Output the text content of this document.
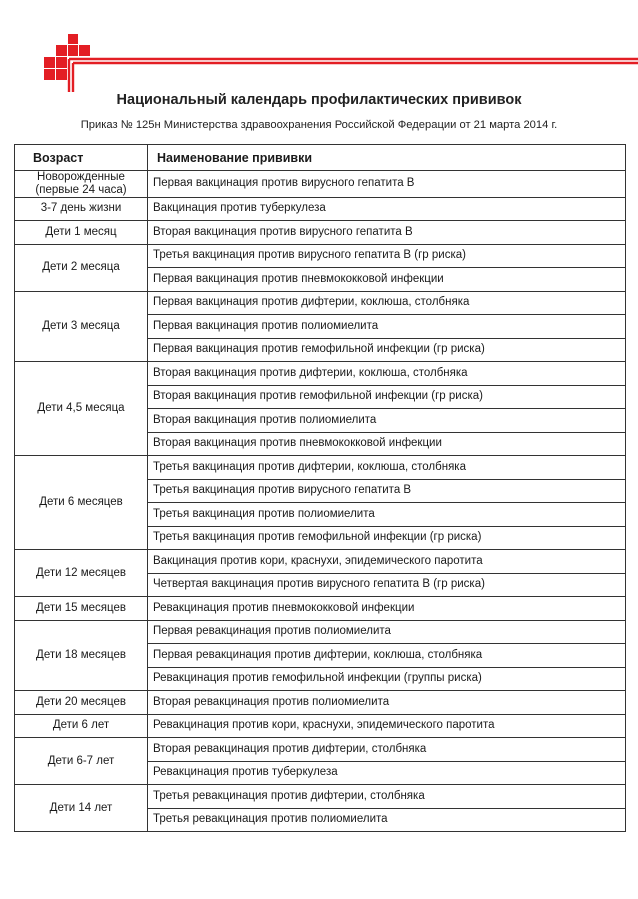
Национальный календарь профилактических прививок
Приказ № 125н Министерства здравоохранения Российской Федерации от 21 марта 2014 г.
Возраст	Наименование прививки
Новорожденные (первые 24 часа)	Первая вакцинация против вирусного гепатита В
3-7 день жизни	Вакцинация против туберкулеза
Дети 1 месяц	Вторая вакцинация против вирусного гепатита В
Дети 2 месяца	Третья вакцинация против вирусного гепатита В (гр риска)
	Первая вакцинация против пневмококковой инфекции
Дети 3 месяца	Первая вакцинация против дифтерии, коклюша, столбняка
	Первая вакцинация против полиомиелита
	Первая вакцинация против гемофильной инфекции (гр риска)
Дети 4,5 месяца	Вторая вакцинация против дифтерии, коклюша, столбняка
	Вторая вакцинация против гемофильной инфекции (гр риска)
	Вторая вакцинация против полиомиелита
	Вторая вакцинация против пневмококковой инфекции
Дети 6 месяцев	Третья вакцинация против дифтерии, коклюша, столбняка
	Третья вакцинация против вирусного гепатита В
	Третья вакцинация против полиомиелита
	Третья вакцинация против гемофильной инфекции (гр риска)
Дети 12 месяцев	Вакцинация против кори, краснухи, эпидемического паротита
	Четвертая вакцинация против вирусного гепатита В (гр риска)
Дети 15 месяцев	Ревакцинация против пневмококковой инфекции
Дети 18 месяцев	Первая ревакцинация против полиомиелита
	Первая ревакцинация против дифтерии, коклюша, столбняка
	Ревакцинация против гемофильной инфекции (группы риска)
Дети 20 месяцев	Вторая ревакцинация против полиомиелита
Дети 6 лет	Ревакцинация против кори, краснухи, эпидемического паротита
Дети 6-7 лет	Вторая ревакцинация против дифтерии, столбняка
	Ревакцинация против туберкулеза
Дети 14 лет	Третья ревакцинация против дифтерии, столбняка
	Третья ревакцинация против полиомиелита
